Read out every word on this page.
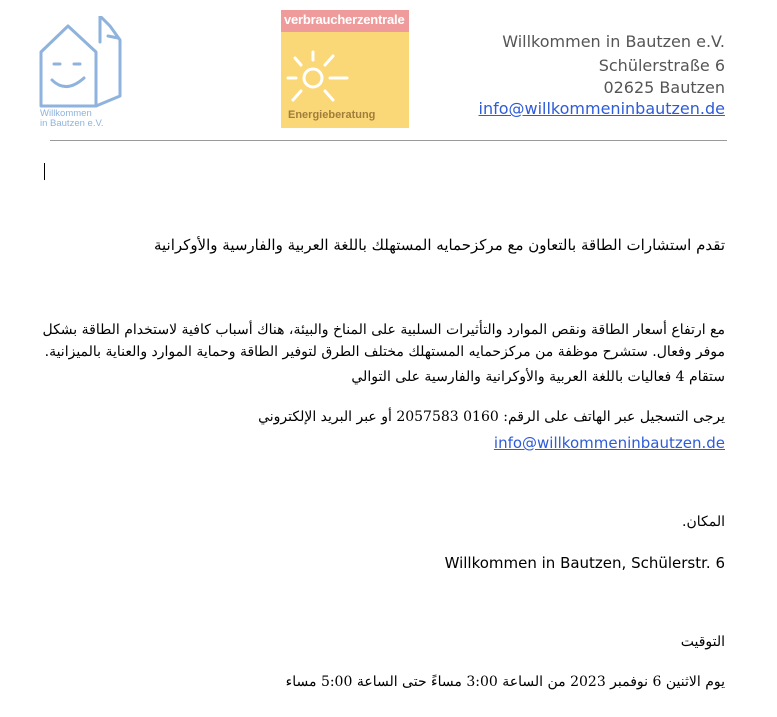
Willkommen
in Bautzen e.V.
verbraucherzentrale
Energieberatung
Willkommen in Bautzen e.V.
Schülerstraße 6
02625 Bautzen
info@willkommeninbautzen.de
تقدم استشارات الطاقة بالتعاون مع مركزحمايه المستهلك باللغة العربية والفارسية والأوكرانية
مع ارتفاع أسعار الطاقة ونقص الموارد والتأثيرات السلبية على المناخ والبيئة، هناك أسباب كافية لاستخدام الطاقة بشكل
موفر وفعال. ستشرح موظفة من مركزحمايه المستهلك مختلف الطرق لتوفير الطاقة وحماية الموارد والعناية بالميزانية.
ستقام 4 فعاليات باللغة العربية والأوكرانية والفارسية على التوالي
يرجى التسجيل عبر الهاتف على الرقم: 0160 2057583 أو عبر البريد الإلكتروني
info@willkommeninbautzen.de
المكان.
Willkommen in Bautzen, Schülerstr. 6
التوقيت
يوم الاثنين 6 نوفمبر 2023 من الساعة 3:00 مساءً حتى الساعة 5:00 مساء
